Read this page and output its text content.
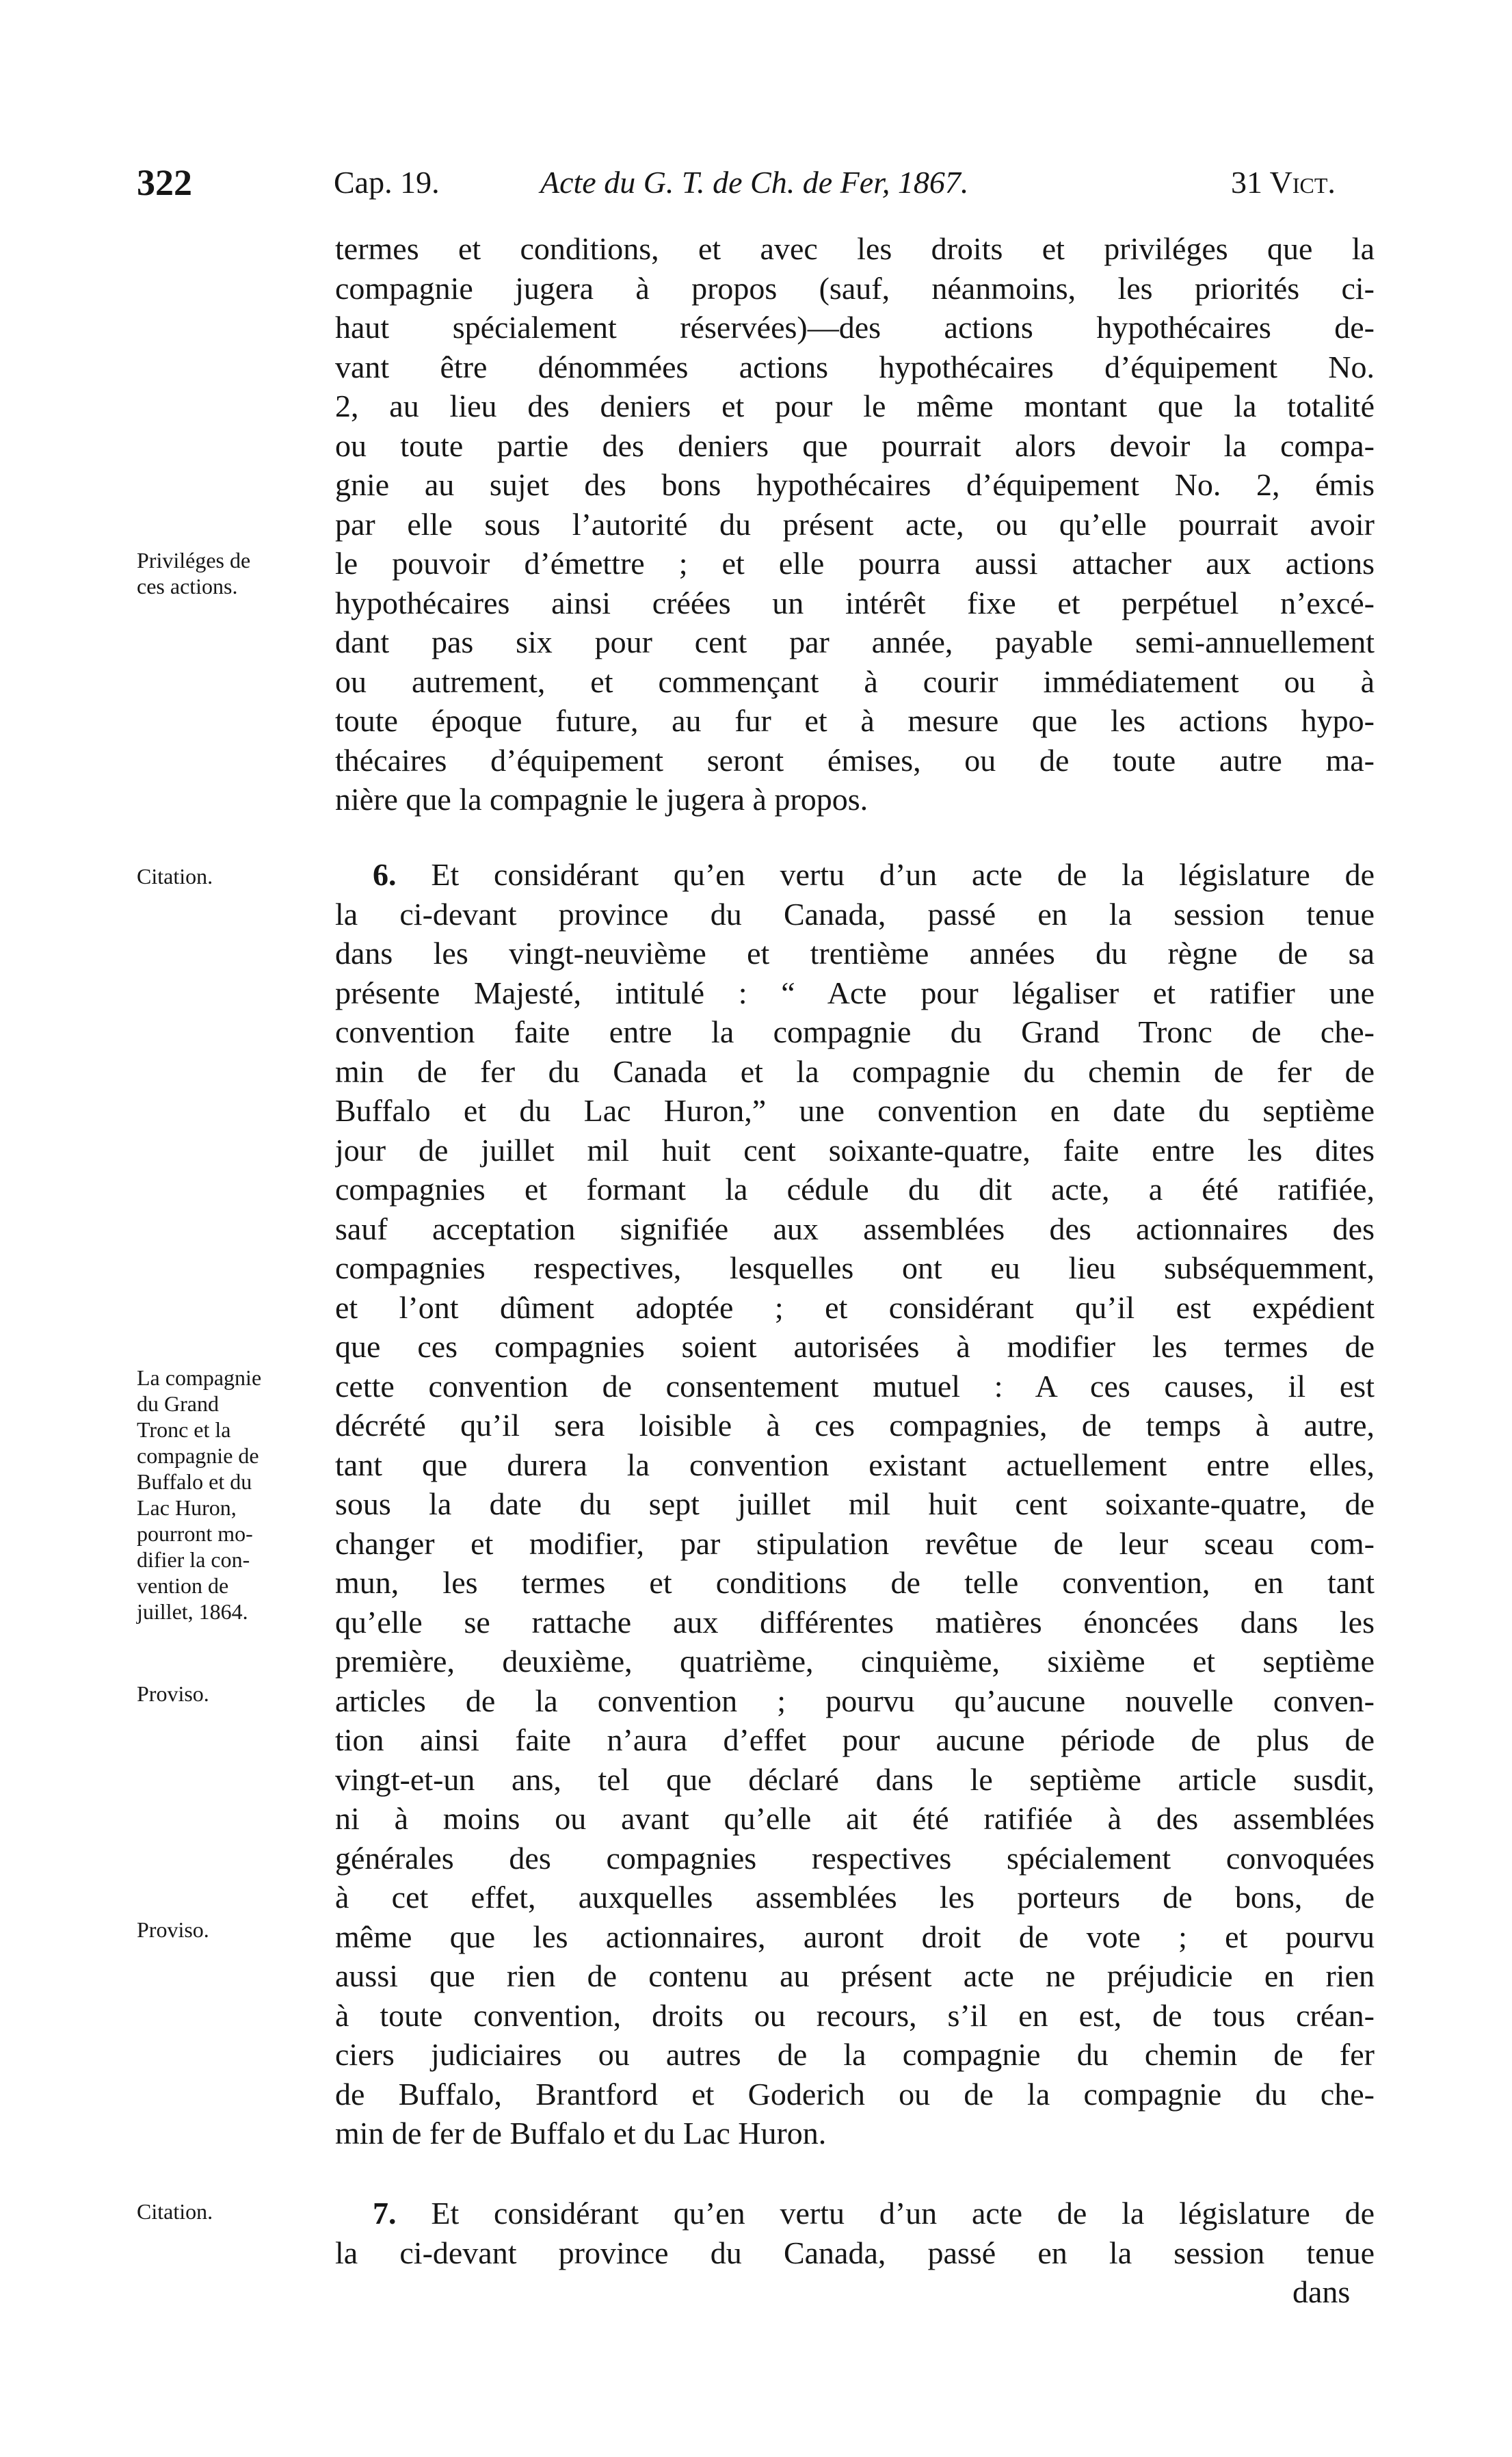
322	Cap. 19.	Acte du G. T. de Ch. de Fer, 1867.	31 Vict.
termes et conditions, et avec les droits et priviléges que la
compagnie jugera à propos (sauf, néanmoins, les priorités ci-
haut spécialement réservées)—des actions hypothécaires de-
vant être dénommées actions hypothécaires d’équipement No.
2, au lieu des deniers et pour le même montant que la totalité
ou toute partie des deniers que pourrait alors devoir la compa-
gnie au sujet des bons hypothécaires d’équipement No. 2, émis
par elle sous l’autorité du présent acte, ou qu’elle pourrait avoir
le pouvoir d’émettre ; et elle pourra aussi attacher aux actions
hypothécaires ainsi créées un intérêt fixe et perpétuel n’excé-
dant pas six pour cent par année, payable semi-annuellement
ou autrement, et commençant à courir immédiatement ou à
toute époque future, au fur et à mesure que les actions hypo-
thécaires d’équipement seront émises, ou de toute autre ma-
nière que la compagnie le jugera à propos.
6. Et considérant qu’en vertu d’un acte de la législature de
la ci-devant province du Canada, passé en la session tenue
dans les vingt-neuvième et trentième années du règne de sa
présente Majesté, intitulé : “ Acte pour légaliser et ratifier une
convention faite entre la compagnie du Grand Tronc de che-
min de fer du Canada et la compagnie du chemin de fer de
Buffalo et du Lac Huron,” une convention en date du septième
jour de juillet mil huit cent soixante-quatre, faite entre les dites
compagnies et formant la cédule du dit acte, a été ratifiée,
sauf acceptation signifiée aux assemblées des actionnaires des
compagnies respectives, lesquelles ont eu lieu subséquemment,
et l’ont dûment adoptée ; et considérant qu’il est expédient
que ces compagnies soient autorisées à modifier les termes de
cette convention de consentement mutuel : A ces causes, il est
décrété qu’il sera loisible à ces compagnies, de temps à autre,
tant que durera la convention existant actuellement entre elles,
sous la date du sept juillet mil huit cent soixante-quatre, de
changer et modifier, par stipulation revêtue de leur sceau com-
mun, les termes et conditions de telle convention, en tant
qu’elle se rattache aux différentes matières énoncées dans les
première, deuxième, quatrième, cinquième, sixième et septième
articles de la convention ; pourvu qu’aucune nouvelle conven-
tion ainsi faite n’aura d’effet pour aucune période de plus de
vingt-et-un ans, tel que déclaré dans le septième article susdit,
ni à moins ou avant qu’elle ait été ratifiée à des assemblées
générales des compagnies respectives spécialement convoquées
à cet effet, auxquelles assemblées les porteurs de bons, de
même que les actionnaires, auront droit de vote ; et pourvu
aussi que rien de contenu au présent acte ne préjudicie en rien
à toute convention, droits ou recours, s’il en est, de tous créan-
ciers judiciaires ou autres de la compagnie du chemin de fer
de Buffalo, Brantford et Goderich ou de la compagnie du che-
min de fer de Buffalo et du Lac Huron.
7. Et considérant qu’en vertu d’un acte de la législature de
la ci-devant province du Canada, passé en la session tenue
dans
Priviléges de
ces actions.
Citation.
La compagnie
du Grand
Tronc et la
compagnie de
Buffalo et du
Lac Huron,
pourront mo-
difier la con-
vention de
juillet, 1864.
Proviso.
Proviso.
Citation.
